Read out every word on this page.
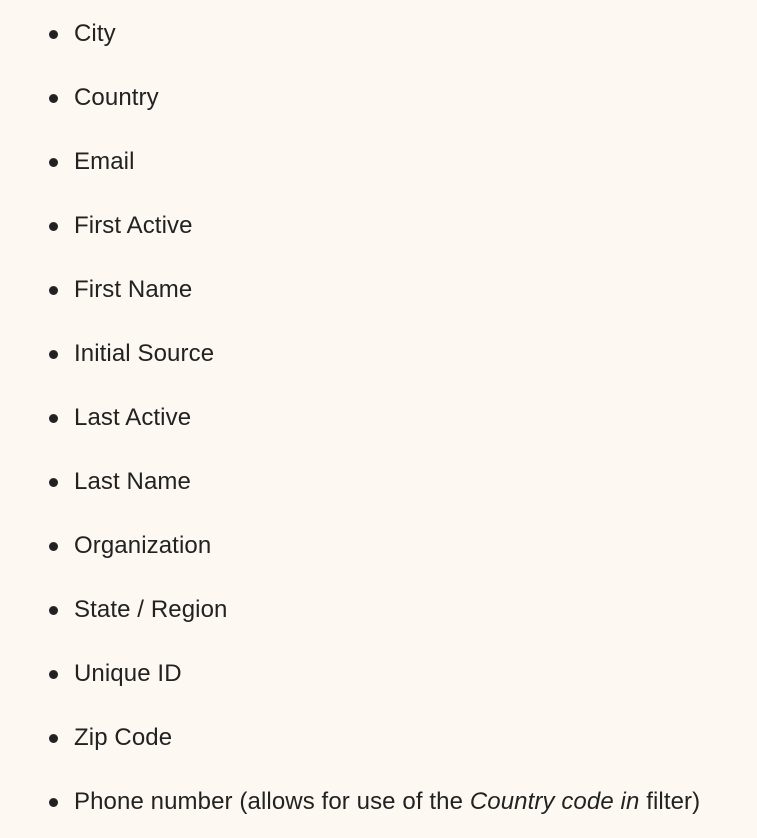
City
Country
Email
First Active
First Name
Initial Source
Last Active
Last Name
Organization
State / Region
Unique ID
Zip Code
Phone number (allows for use of the Country code in filter)
